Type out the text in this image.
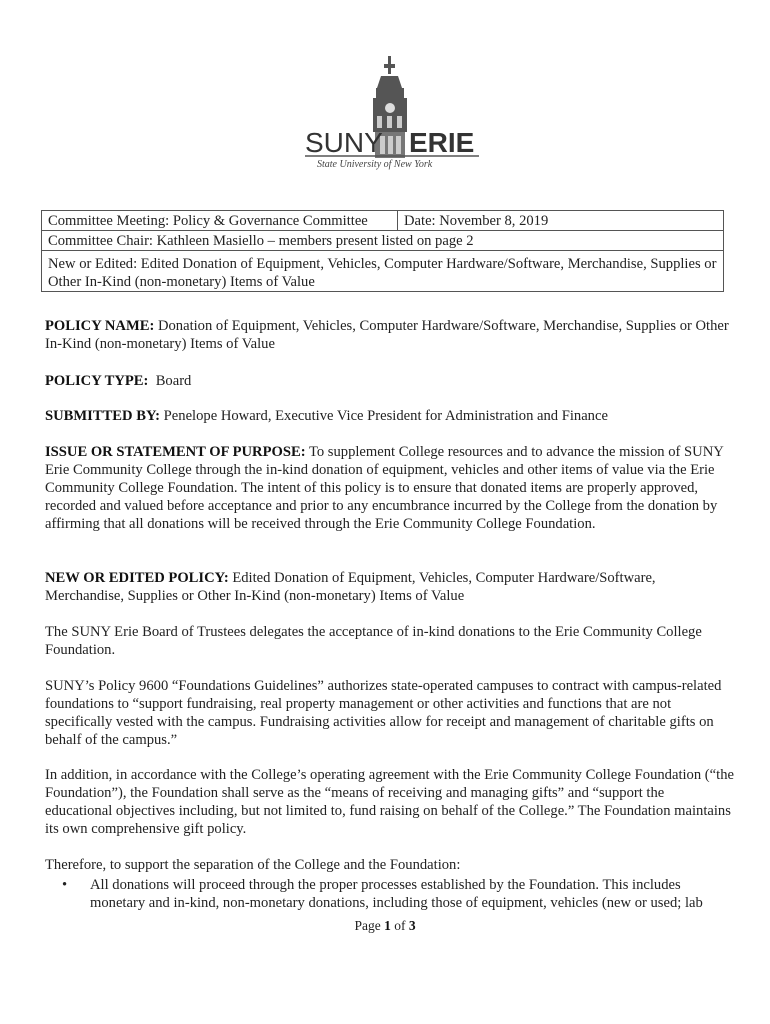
SUNY ERIE
State University of New York
Committee Meeting: Policy & Governance Committee	Date: November 8, 2019
Committee Chair: Kathleen Masiello – members present listed on page 2
New or Edited: Edited Donation of Equipment, Vehicles, Computer Hardware/Software, Merchandise, Supplies or Other In-Kind (non-monetary) Items of Value

POLICY NAME: Donation of Equipment, Vehicles, Computer Hardware/Software, Merchandise, Supplies or Other In-Kind (non-monetary) Items of Value

POLICY TYPE:  Board

SUBMITTED BY: Penelope Howard, Executive Vice President for Administration and Finance

ISSUE OR STATEMENT OF PURPOSE: To supplement College resources and to advance the mission of SUNY Erie Community College through the in-kind donation of equipment, vehicles and other items of value via the Erie Community College Foundation. The intent of this policy is to ensure that donated items are properly approved, recorded and valued before acceptance and prior to any encumbrance incurred by the College from the donation by affirming that all donations will be received through the Erie Community College Foundation.

NEW OR EDITED POLICY: Edited Donation of Equipment, Vehicles, Computer Hardware/Software, Merchandise, Supplies or Other In-Kind (non-monetary) Items of Value

The SUNY Erie Board of Trustees delegates the acceptance of in-kind donations to the Erie Community College Foundation.

SUNY’s Policy 9600 “Foundations Guidelines” authorizes state-operated campuses to contract with campus-related foundations to “support fundraising, real property management or other activities and functions that are not specifically vested with the campus. Fundraising activities allow for receipt and management of charitable gifts on behalf of the campus.”

In addition, in accordance with the College’s operating agreement with the Erie Community College Foundation (“the Foundation”), the Foundation shall serve as the “means of receiving and managing gifts” and “support the educational objectives including, but not limited to, fund raising on behalf of the College.” The Foundation maintains its own comprehensive gift policy.

Therefore, to support the separation of the College and the Foundation:

• All donations will proceed through the proper processes established by the Foundation. This includes monetary and in-kind, non-monetary donations, including those of equipment, vehicles (new or used; lab
Page 1 of 3
